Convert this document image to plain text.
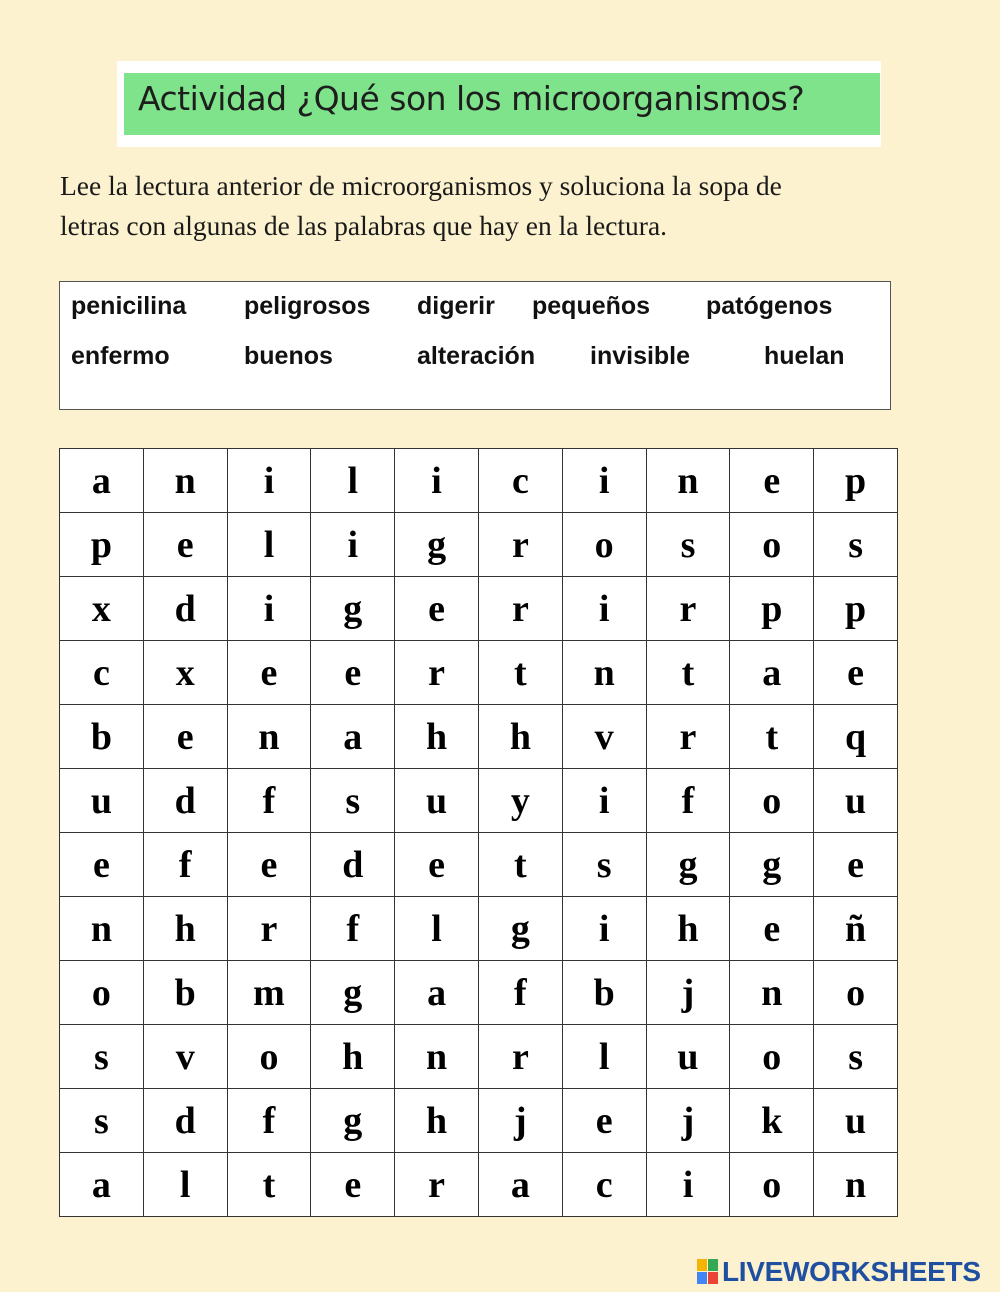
Actividad ¿Qué son los microorganismos?
Lee la lectura anterior de microorganismos y soluciona la sopa de
letras con algunas de las palabras que hay en la lectura.
penicilina peligrosos digerir pequeños patógenos
enfermo	buenos	alteración invisible	huelan
a	n	i	l	i	c	i	n	e	p
p	e	l	i	g	r	o	s	o	s
x	d	i	g	e	r	i	r	p	p
c	x	e	e	r	t	n	t	a	e
b	e	n	a	h	h	v	r	t	q
u	d	f	s	u	y	i	f	o	u
e	f	e	d	e	t	s	g	g	e
n	h	r	f	l	g	i	h	e	ñ
o	b	m	g	a	f	b	j	n	o
s	v	o	h	n	r	l	u	o	s
s	d	f	g	h	j	e	j	k	u
a	l	t	e	r	a	c	i	o	n
LIVEWORKSHEETS
